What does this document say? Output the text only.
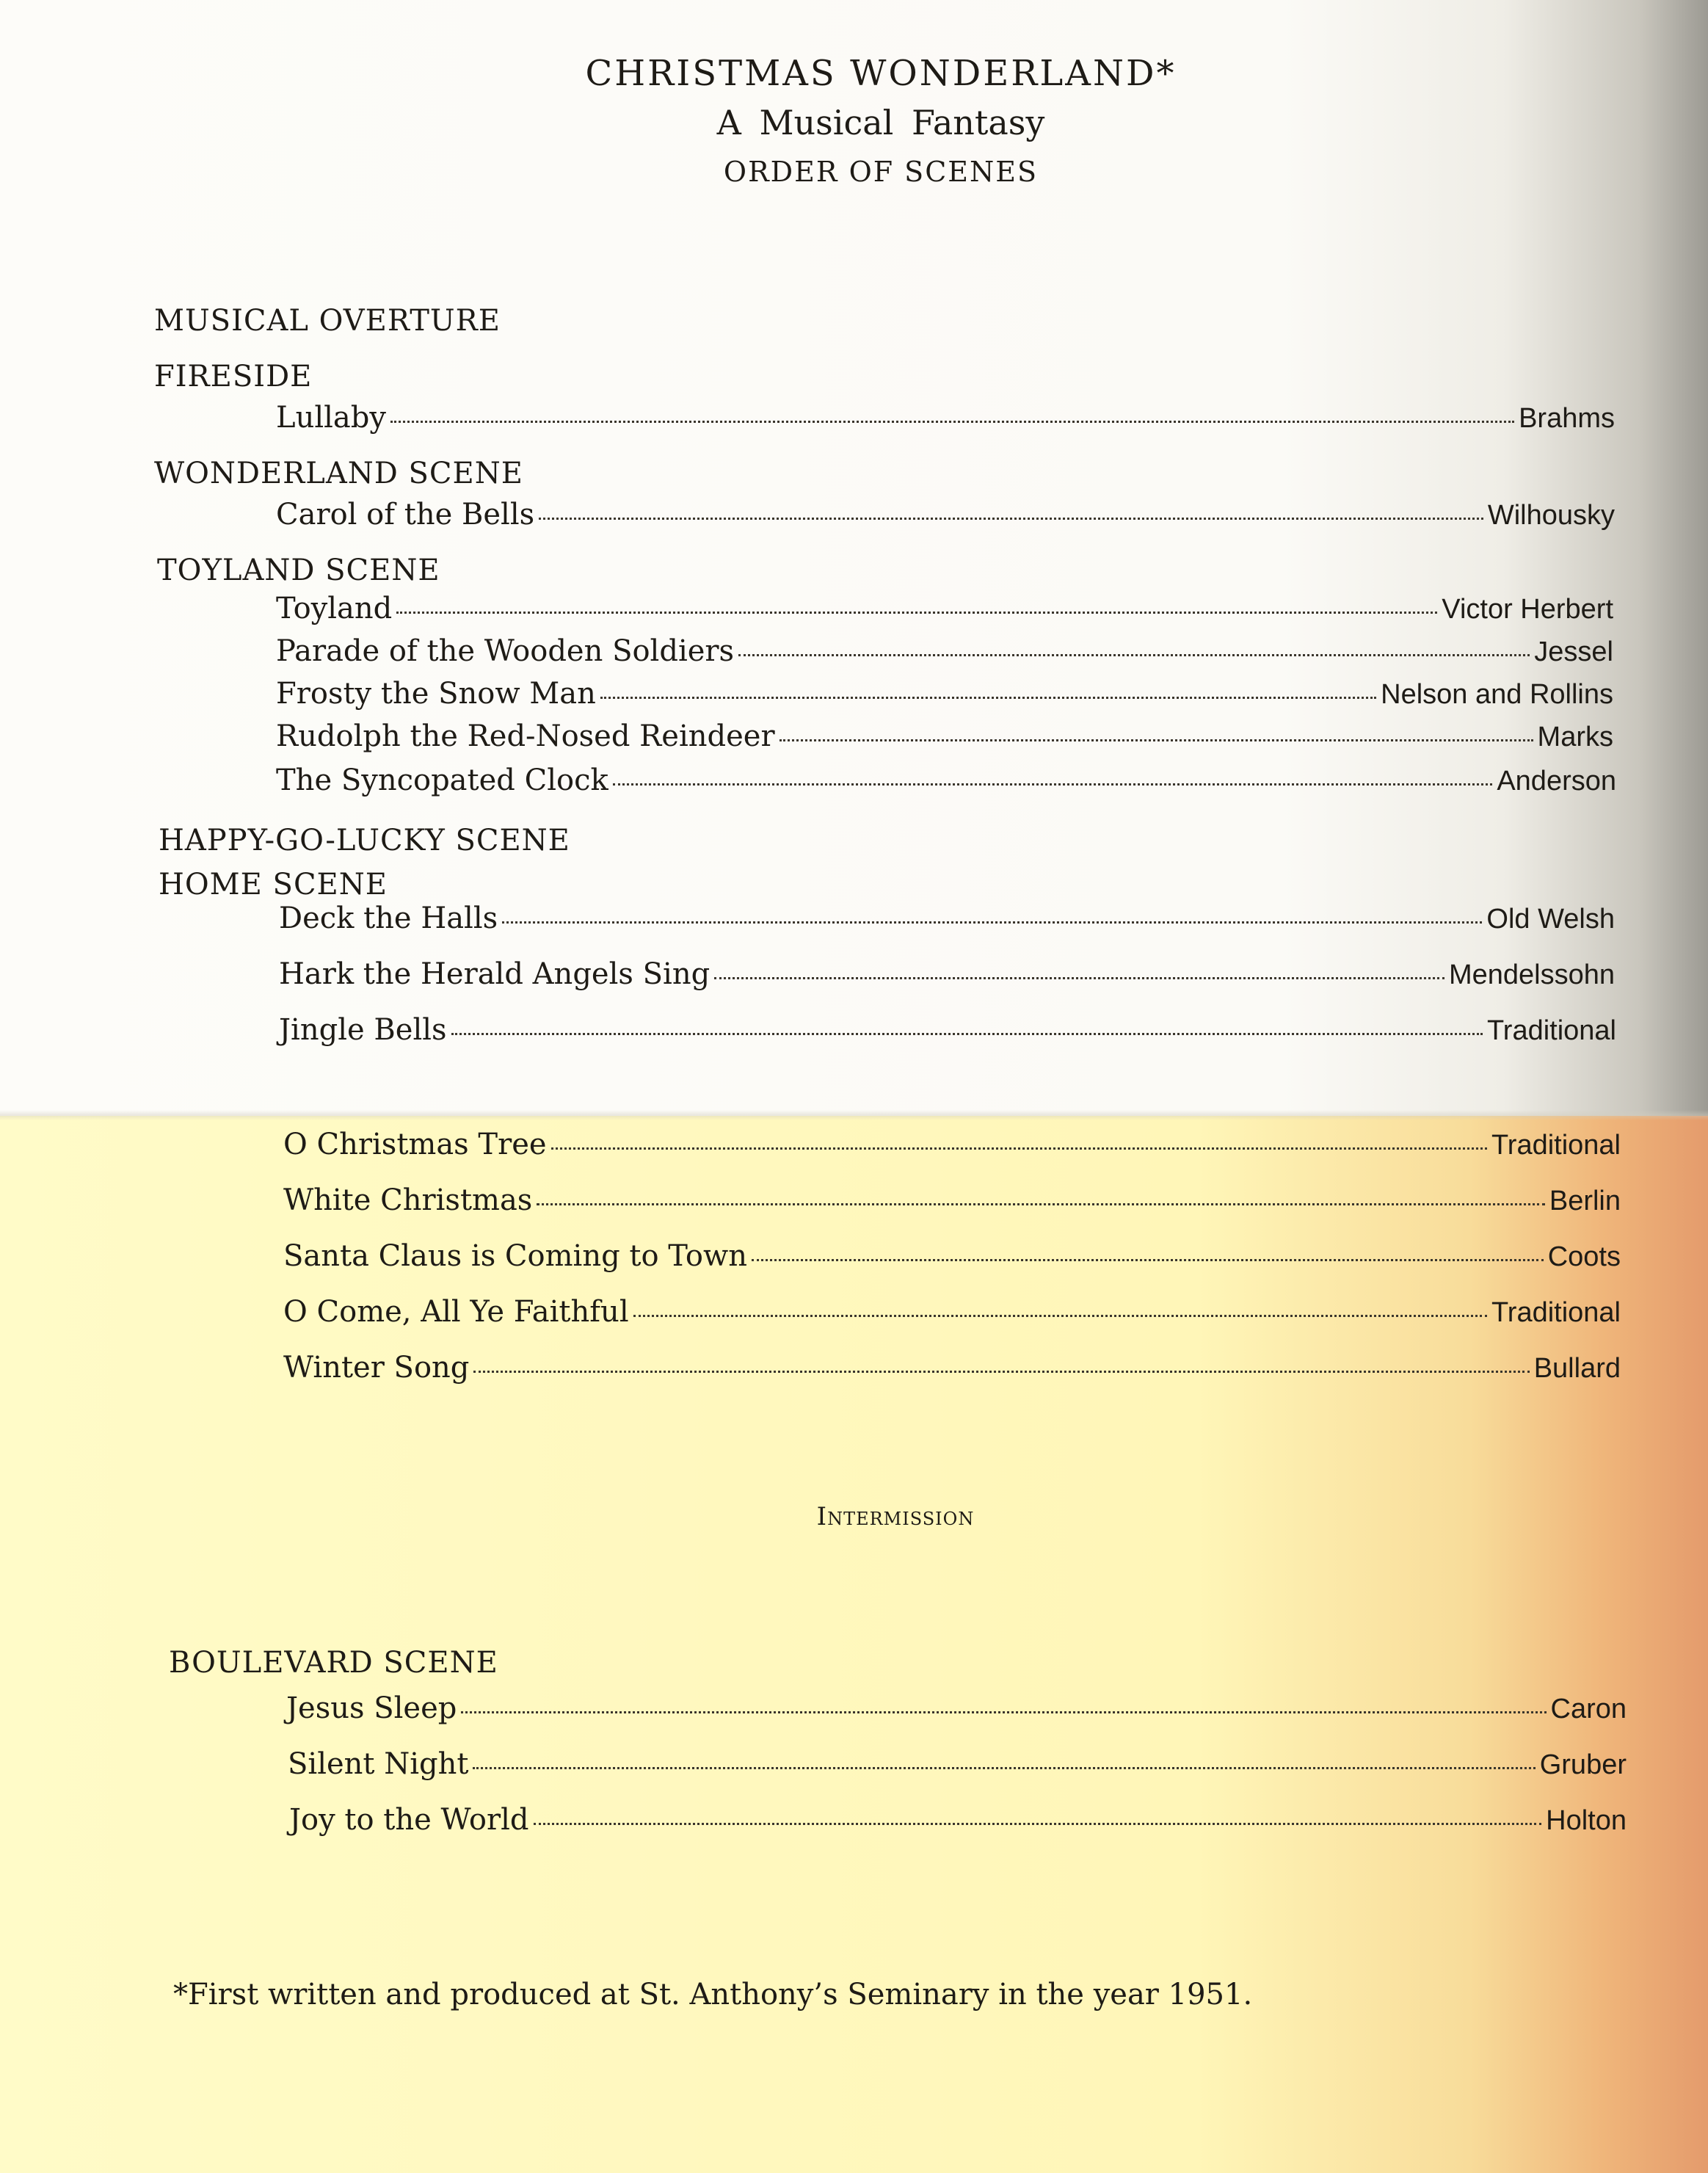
CHRISTMAS WONDERLAND*
A Musical Fantasy
ORDER OF SCENES
MUSICAL OVERTURE
FIRESIDE
Lullaby	Brahms
WONDERLAND SCENE
Carol of the Bells	Wilhousky
TOYLAND SCENE
Toyland	Victor Herbert
Parade of the Wooden Soldiers	Jessel
Frosty the Snow Man	Nelson and Rollins
Rudolph the Red-Nosed Reindeer	Marks
The Syncopated Clock	Anderson
HAPPY-GO-LUCKY SCENE
HOME SCENE
Deck the Halls	Old Welsh
Hark the Herald Angels Sing	Mendelssohn
Jingle Bells	Traditional
O Christmas Tree	Traditional
White Christmas	Berlin
Santa Claus is Coming to Town	Coots
O Come, All Ye Faithful	Traditional
Winter Song	Bullard
Intermission
BOULEVARD SCENE
Jesus Sleep	Caron
Silent Night	Gruber
Joy to the World	Holton
*First written and produced at St. Anthony’s Seminary in the year 1951.
